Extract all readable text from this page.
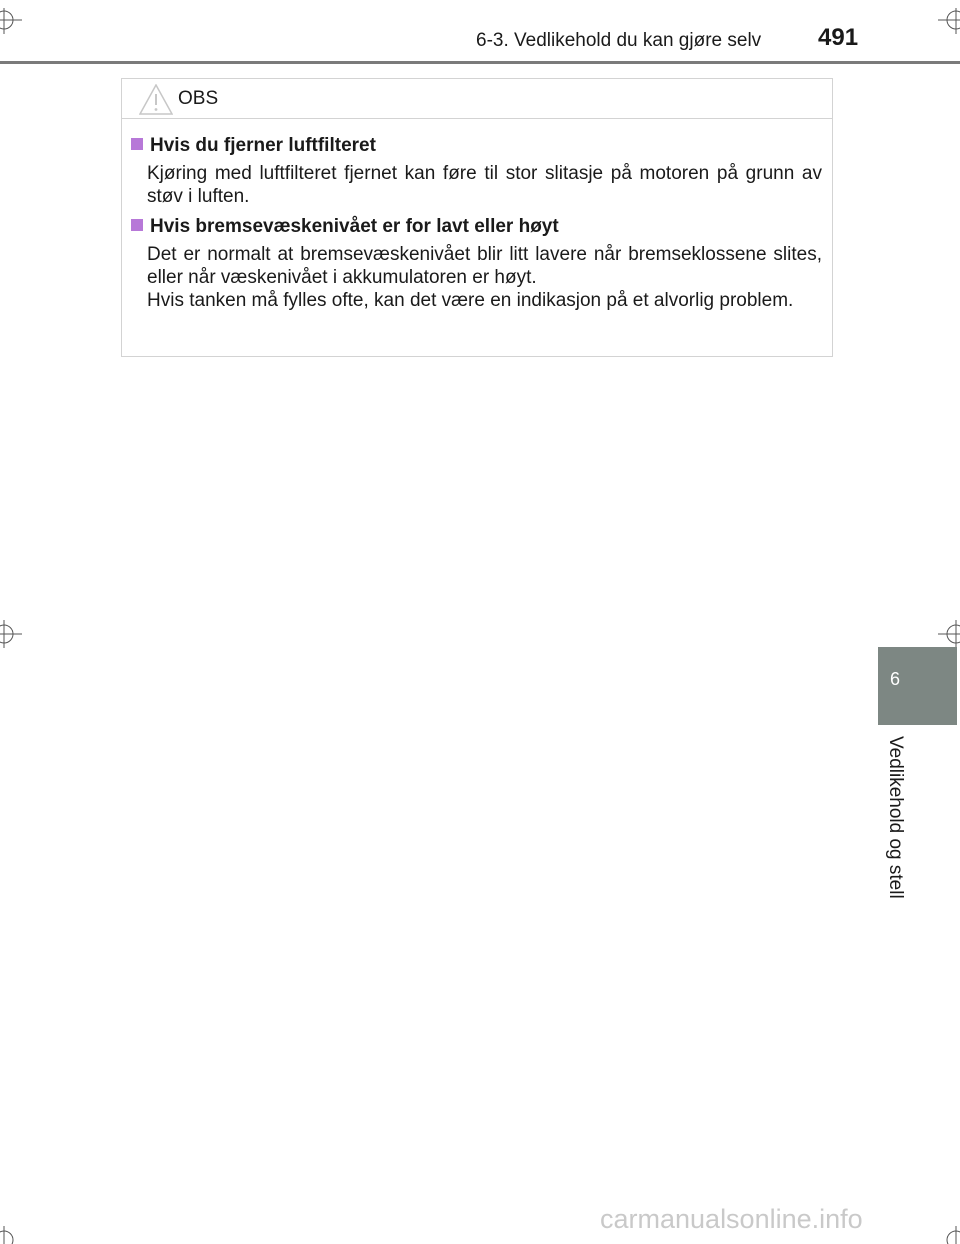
6-3. Vedlikehold du kan gjøre selv 491
OBS
Hvis du fjerner luftfilteret

Kjøring med luftfilteret fjernet kan føre til stor slitasje på motoren på grunn av støv i luften.

Hvis bremsevæskenivået er for lavt eller høyt

Det er normalt at bremsevæskenivået blir litt lavere når bremseklossene slites, eller når væskenivået i akkumulatoren er høyt.

Hvis tanken må fylles ofte, kan det være en indikasjon på et alvorlig problem.

6
Vedlikehold og stell
carmanualsonline.info
